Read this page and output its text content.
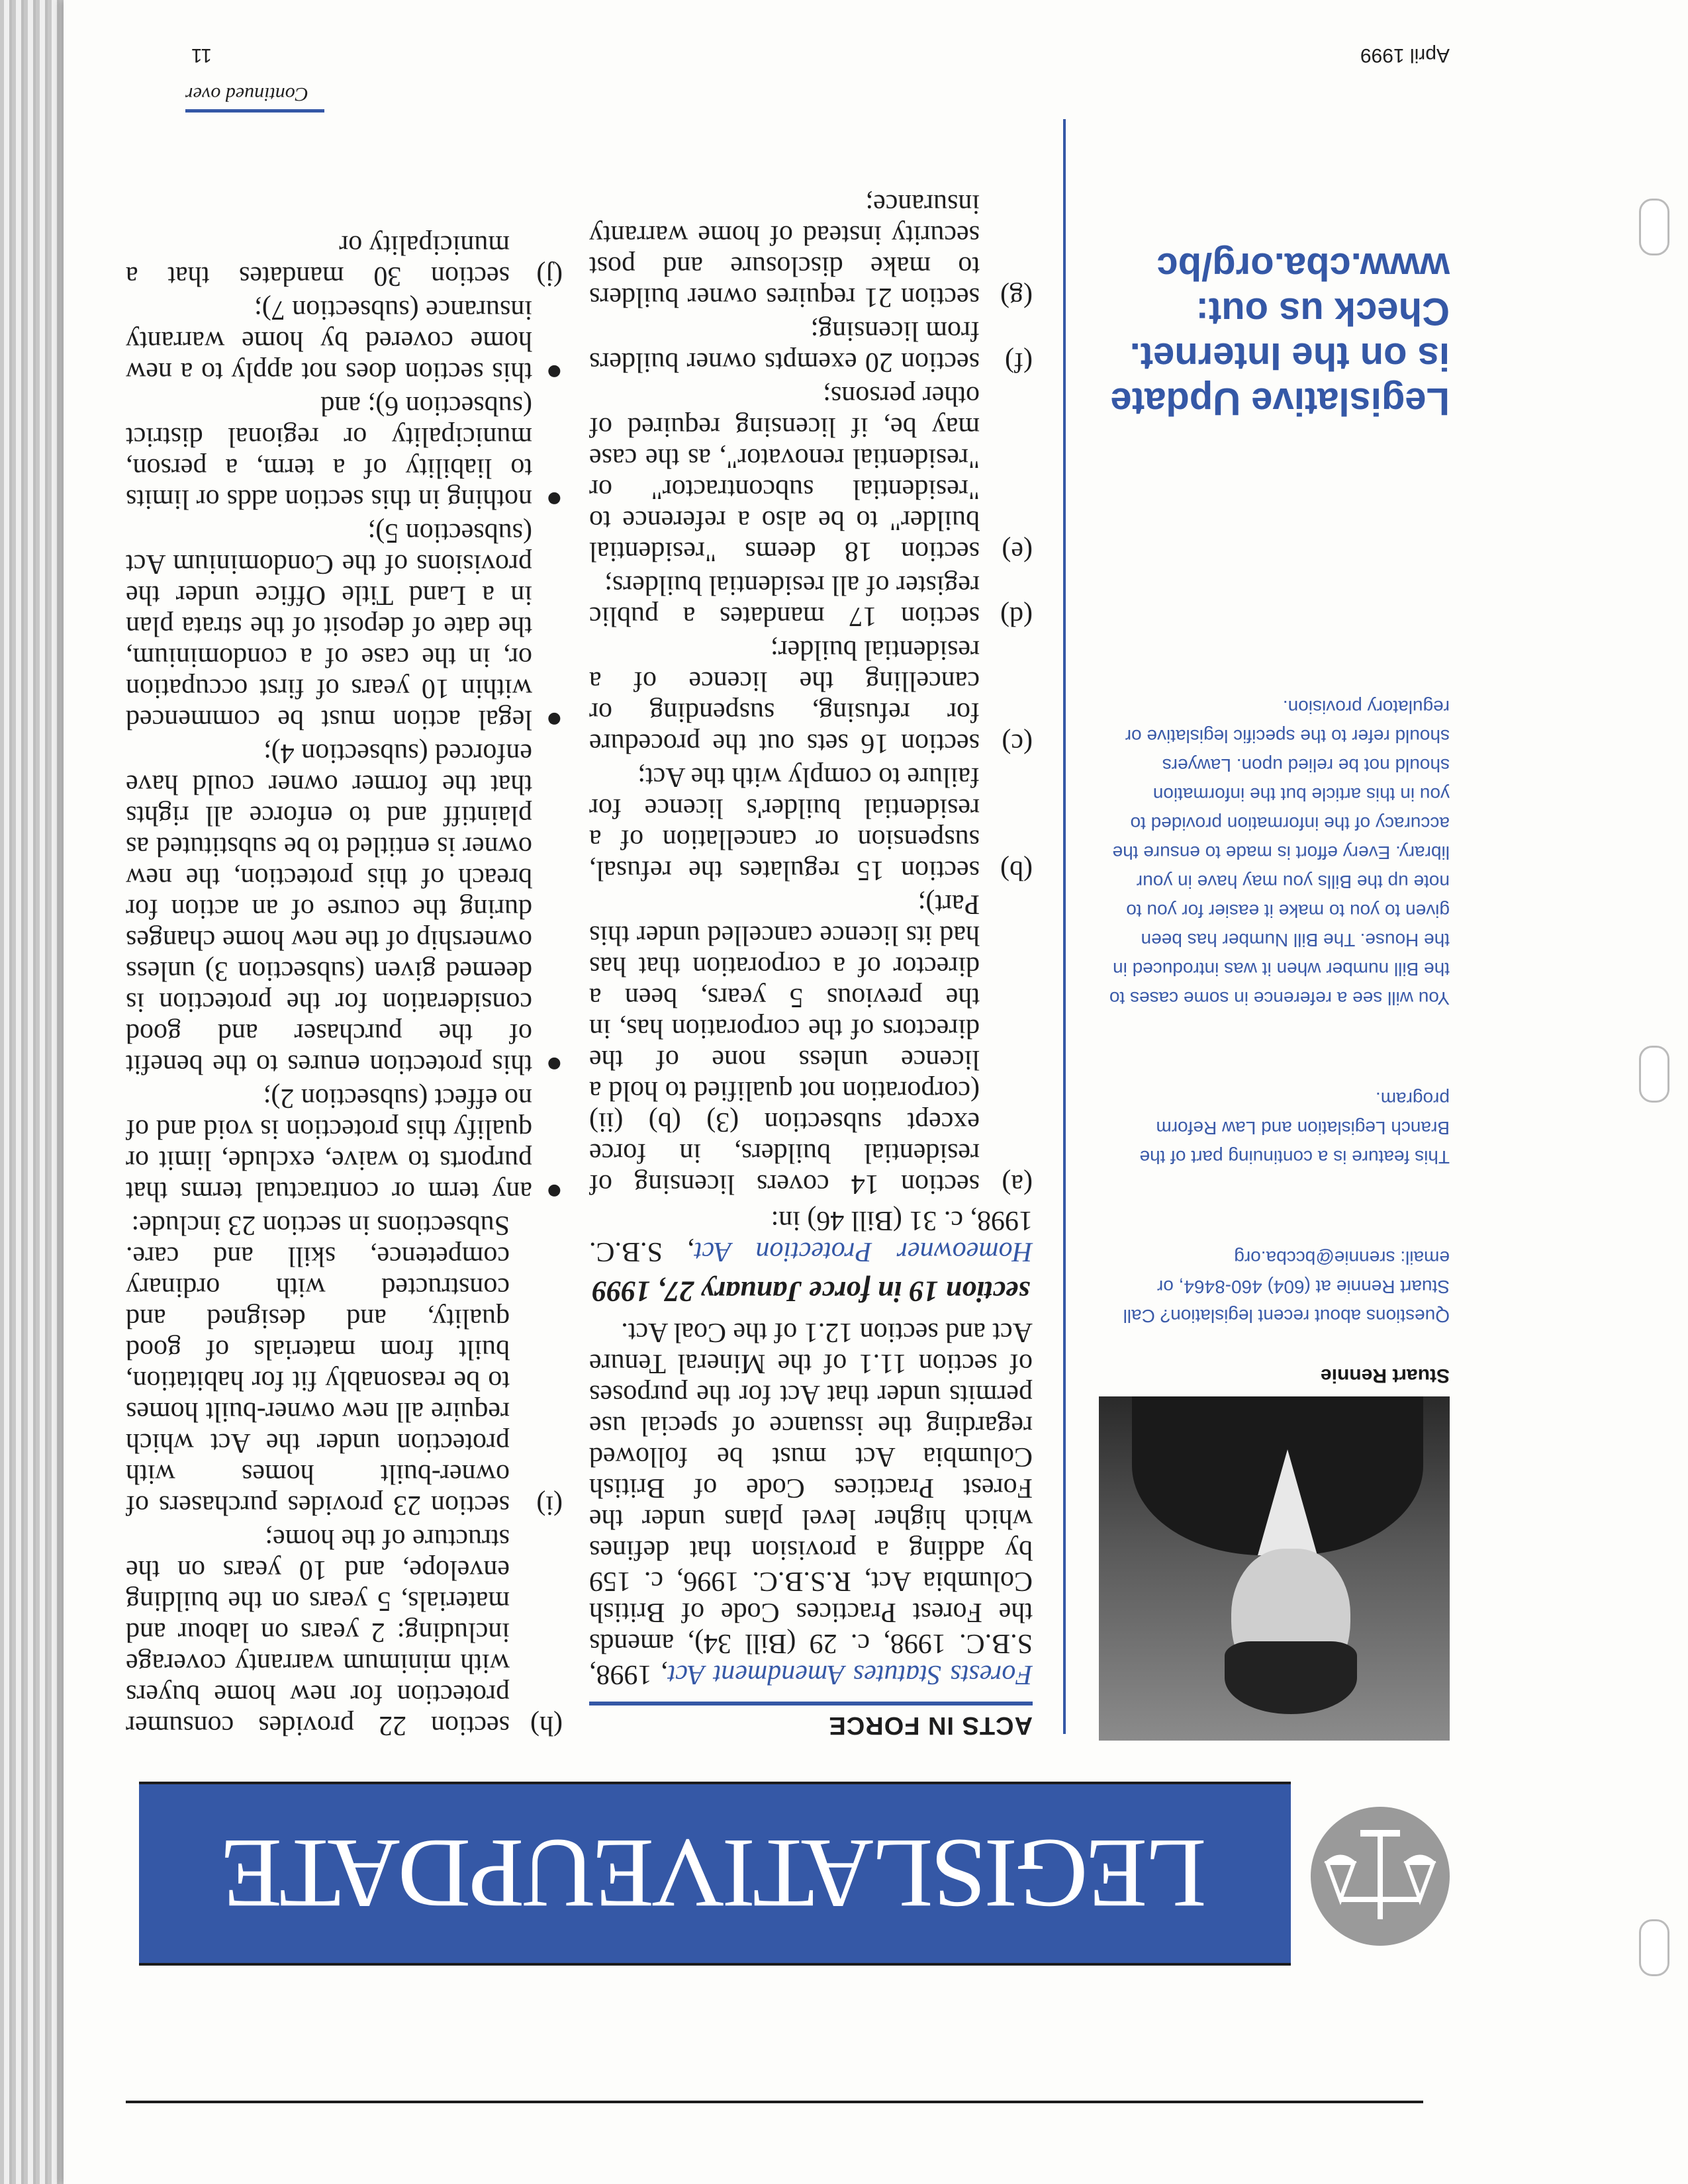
LEGISLATIVEUPDATE
Stuart Rennie

Questions about recent legislation? Call Stuart Rennie at (604) 460-8464, or email: srennie@bccba.org

This feature is a continuing part of the Branch Legislation and Law Reform program.

You will see a reference in some cases to the Bill number when it was introduced in the House. The Bill Number has been given to you to make it easier for you to note up the Bills you may have in your library. Every effort is made to ensure the accuracy of the information provided to you in this article but the information should not be relied upon. Lawyers should refer to the specific legislative or regulatory provision.

Legislative Update is on the Internet. Check us out: www.cba.org/bc
ACTS IN FORCE

Forests Statutes Amendment Act, 1998, S.B.C. 1998, c. 29 (Bill 34), amends the Forest Practices Code of British Columbia Act, R.S.B.C. 1996, c. 159 by adding a provision that defines which higher level plans under the Forest Practices Code of British Columbia Act must be followed regarding the issuance of special use permits under that Act for the purposes of section 11.1 of the Mineral Tenure Act and section 12.1 of the Coal Act.

section 19 in force January 27, 1999

Homeowner Protection Act, S.B.C. 1998, c. 31 (Bill 46) in:

(a)
section 14 covers licensing of residential builders, in force except subsection (3) (b) (ii)(corporation not qualified to hold a licence unless none of the directors of the corporation has, in the previous 5 years, been a director of a corporation that has had its licence cancelled under this Part);
(b)
section 15 regulates the refusal, suspension or cancellation of a residential builder's licence for failure to comply with the Act;
(c)
section 16 sets out the procedure for refusing, suspending or cancelling the licence of a residential builder;
(d)
section 17 mandates a public register of all residential builders;
(e)
section 18 deems "residential builder" to be also a reference to "residential subcontractor" or "residential renovator", as the case may be, if licensing required of other persons;
(f)
section 20 exempts owner builders from licensing;
(g)
section 21 requires owner builders to make disclosure and post security instead of home warranty insurance;
(h)
section 22 provides consumer protection for new home buyers with minimum warranty coverage including: 2 years on labour and materials, 5 years on the building envelope, and 10 years on the structure of the home;
(i)
section 23 provides purchasers of owner-built homes with protection under the Act which require all new owner-built homes to be reasonably fit for habitation, built from materials of good quality, and designed and constructed with ordinary competence, skill and care. Subsections in section 23 include:
●
any term or contractual terms that purports to waive, exclude, limit or qualify this protection is void and of no effect (subsection 2);
●
this protection enures to the benefit of the purchaser and good consideration for the protection is deemed given (subsection 3) unless ownership of the new home changes during the course of an action for breach of this protection, the new owner is entitled to be substituted as plaintiff and to enforce all rights that the former owner could have enforced (subsection 4);
●
legal action must be commenced within 10 years of first occupation or, in the case of a condominium, the date of deposit of the strata plan in a Land Title Office under the provisions of the Condominium Act (subsection 5);
●
nothing in this section adds or limits to liability of a term, a person, municipality or regional district (subsection 6); and
●
this section does not apply to a new home covered by home warranty insurance (subsection 7);
(j)
section 30 mandates that a municipality or
Continued over
April 1999
11
